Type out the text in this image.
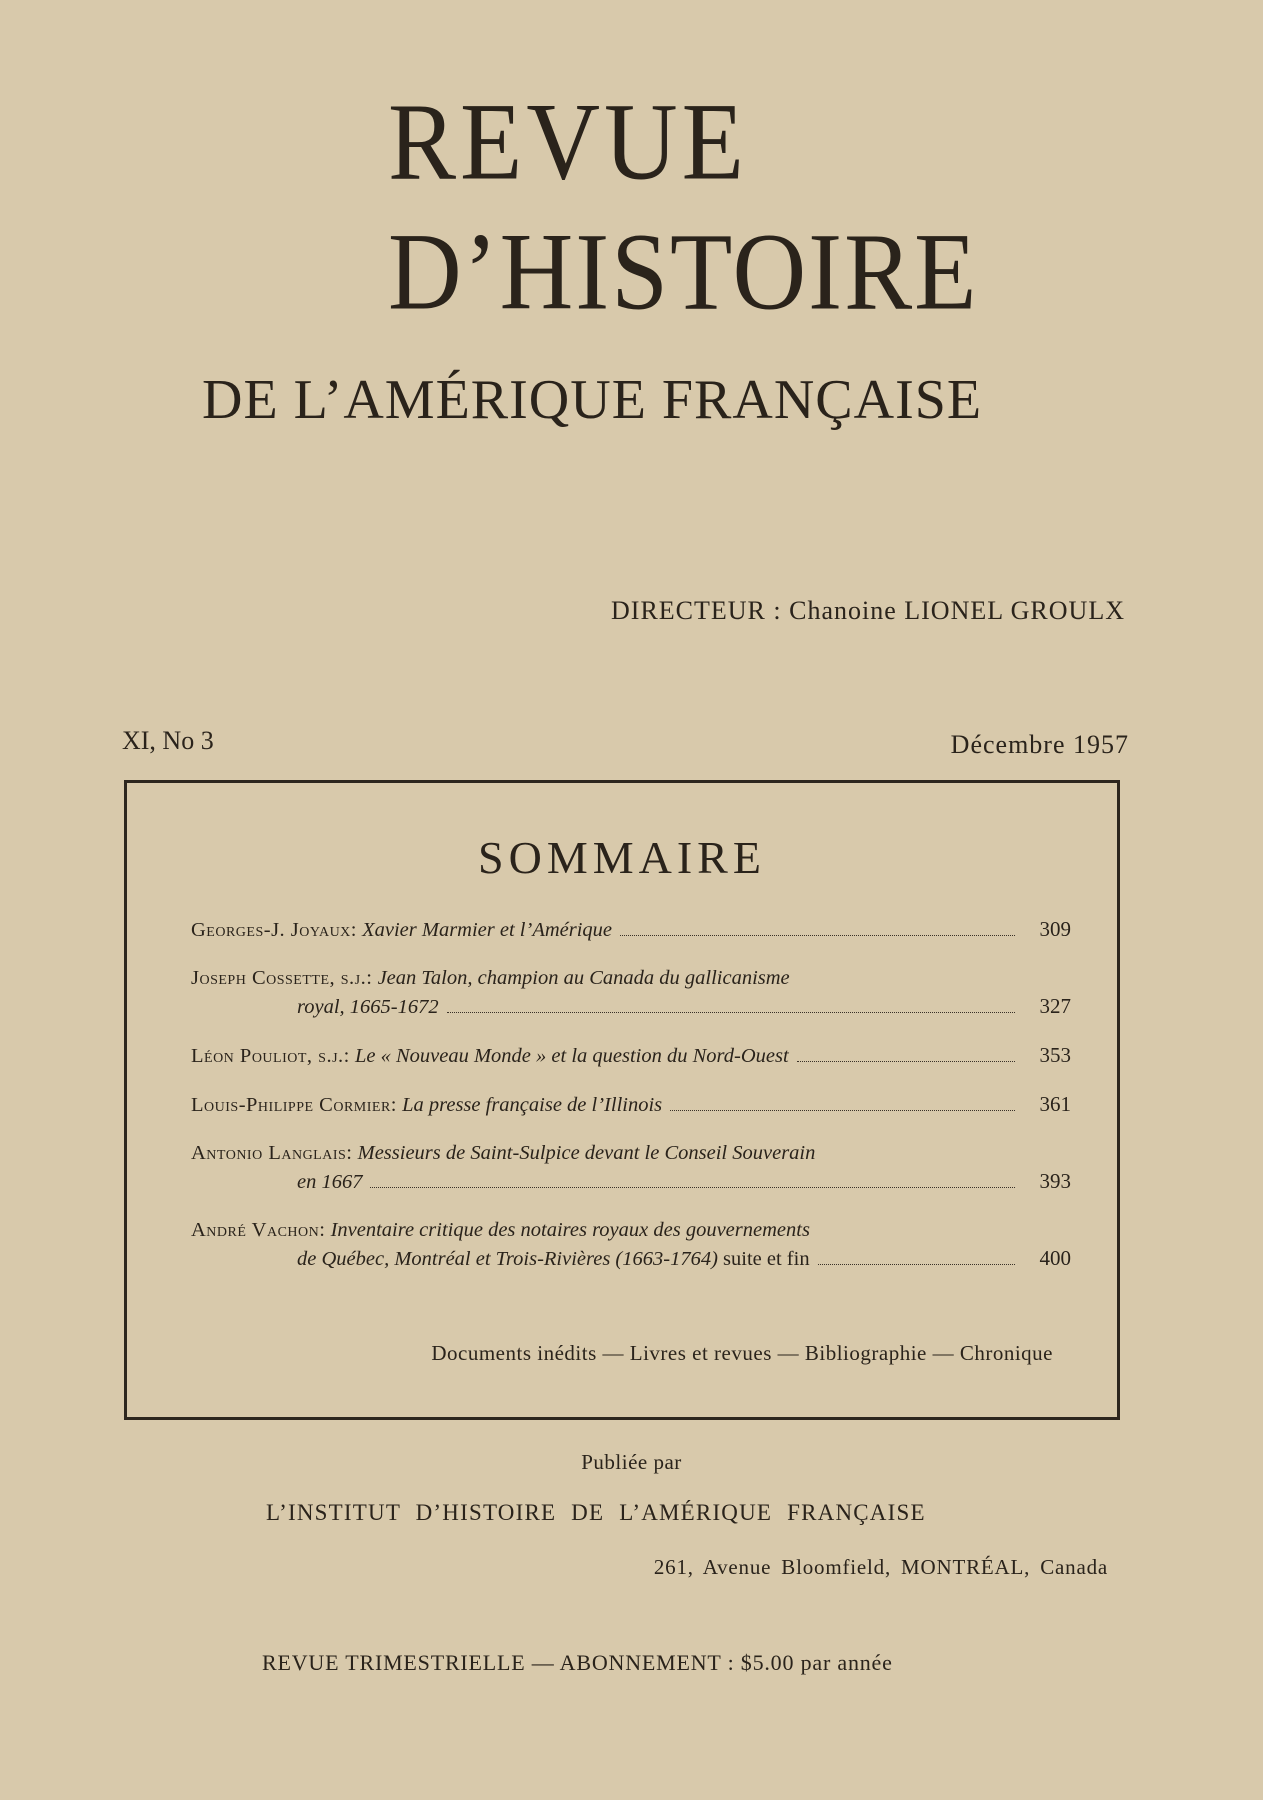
REVUE
D’HISTOIRE
DE L’AMÉRIQUE FRANÇAISE
DIRECTEUR : Chanoine LIONEL GROULX
XI, No 3	Décembre 1957
SOMMAIRE
Georges-J. Joyaux: Xavier Marmier et l’Amérique	309
Joseph Cossette, s.j.: Jean Talon, champion au Canada du gallicanisme
royal, 1665-1672	327
Léon Pouliot, s.j.: Le « Nouveau Monde » et la question du Nord-Ouest	353
Louis-Philippe Cormier: La presse française de l’Illinois	361
Antonio Langlais: Messieurs de Saint-Sulpice devant le Conseil Souverain
en 1667	393
André Vachon: Inventaire critique des notaires royaux des gouvernements
de Québec, Montréal et Trois-Rivières (1663-1764) suite et fin	400
Documents inédits — Livres et revues — Bibliographie — Chronique
Publiée par
L’INSTITUT D’HISTOIRE DE L’AMÉRIQUE FRANÇAISE
261, Avenue Bloomfield, MONTRÉAL, Canada
REVUE TRIMESTRIELLE — ABONNEMENT : $5.00 par année
